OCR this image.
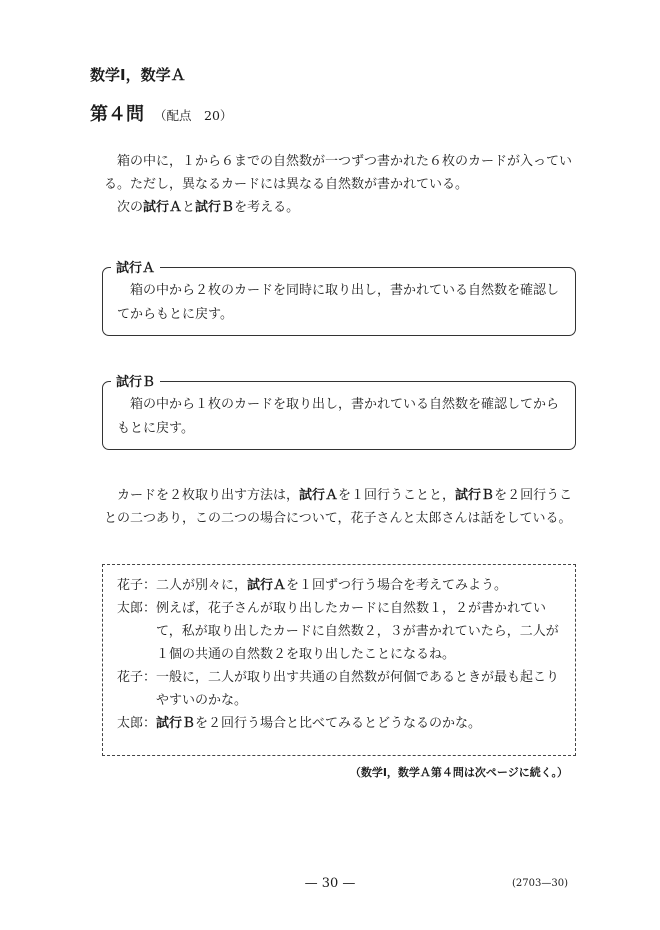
数学Ⅰ，数学Ａ
第４問 （配点　20）

箱の中に，１から６までの自然数が一つずつ書かれた６枚のカードが入っている。ただし，異なるカードには異なる自然数が書かれている。

次の試行Ａと試行Ｂを考える。

試行Ａ

箱の中から２枚のカードを同時に取り出し，書かれている自然数を確認してからもとに戻す。

試行Ｂ

箱の中から１枚のカードを取り出し，書かれている自然数を確認してからもとに戻す。

カードを２枚取り出す方法は，試行Ａを１回行うことと，試行Ｂを２回行うことの二つあり，この二つの場合について，花子さんと太郎さんは話をしている。

花子： 二人が別々に，試行Ａを１回ずつ行う場合を考えてみよう。
太郎： 例えば，花子さんが取り出したカードに自然数１，２が書かれていて，私が取り出したカードに自然数２，３が書かれていたら，二人が１個の共通の自然数２を取り出したことになるね。
花子： 一般に，二人が取り出す共通の自然数が何個であるときが最も起こりやすいのかな。
太郎： 試行Ｂを２回行う場合と比べてみるとどうなるのかな。
（数学Ⅰ，数学Ａ第４問は次ページに続く。）
— 30 —	(2703—30)
